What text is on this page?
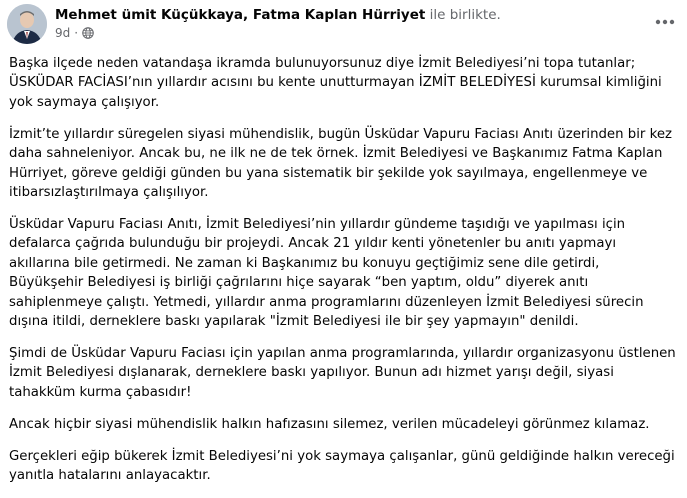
Mehmet ümit Küçükkaya, Fatma Kaplan Hürriyet ile birlikte.
9d ·

Başka ilçede neden vatandaşa ikramda bulunuyorsunuz diye İzmit Belediyesi’ni topa tutanlar; ÜSKÜDAR FACİASI’nın yıllardır acısını bu kente unutturmayan İZMİT BELEDİYESİ kurumsal kimliğini yok saymaya çalışıyor.

İzmit’te yıllardır süregelen siyasi mühendislik, bugün Üsküdar Vapuru Faciası Anıtı üzerinden bir kez daha sahneleniyor. Ancak bu, ne ilk ne de tek örnek. İzmit Belediyesi ve Başkanımız Fatma Kaplan Hürriyet, göreve geldiği günden bu yana sistematik bir şekilde yok sayılmaya, engellenmeye ve itibarsızlaştırılmaya çalışılıyor.

Üsküdar Vapuru Faciası Anıtı, İzmit Belediyesi’nin yıllardır gündeme taşıdığı ve yapılması için defalarca çağrıda bulunduğu bir projeydi. Ancak 21 yıldır kenti yönetenler bu anıtı yapmayı akıllarına bile getirmedi. Ne zaman ki Başkanımız bu konuyu geçtiğimiz sene dile getirdi, Büyükşehir Belediyesi iş birliği çağrılarını hiçe sayarak “ben yaptım, oldu” diyerek anıtı sahiplenmeye çalıştı. Yetmedi, yıllardır anma programlarını düzenleyen İzmit Belediyesi sürecin dışına itildi, derneklere baskı yapılarak "İzmit Belediyesi ile bir şey yapmayın" denildi.

Şimdi de Üsküdar Vapuru Faciası için yapılan anma programlarında, yıllardır organizasyonu üstlenen İzmit Belediyesi dışlanarak, derneklere baskı yapılıyor. Bunun adı hizmet yarışı değil, siyasi tahakküm kurma çabasıdır!

Ancak hiçbir siyasi mühendislik halkın hafızasını silemez, verilen mücadeleyi görünmez kılamaz.

Gerçekleri eğip bükerek İzmit Belediyesi’ni yok saymaya çalışanlar, günü geldiğinde halkın vereceği yanıtla hatalarını anlayacaktır.
